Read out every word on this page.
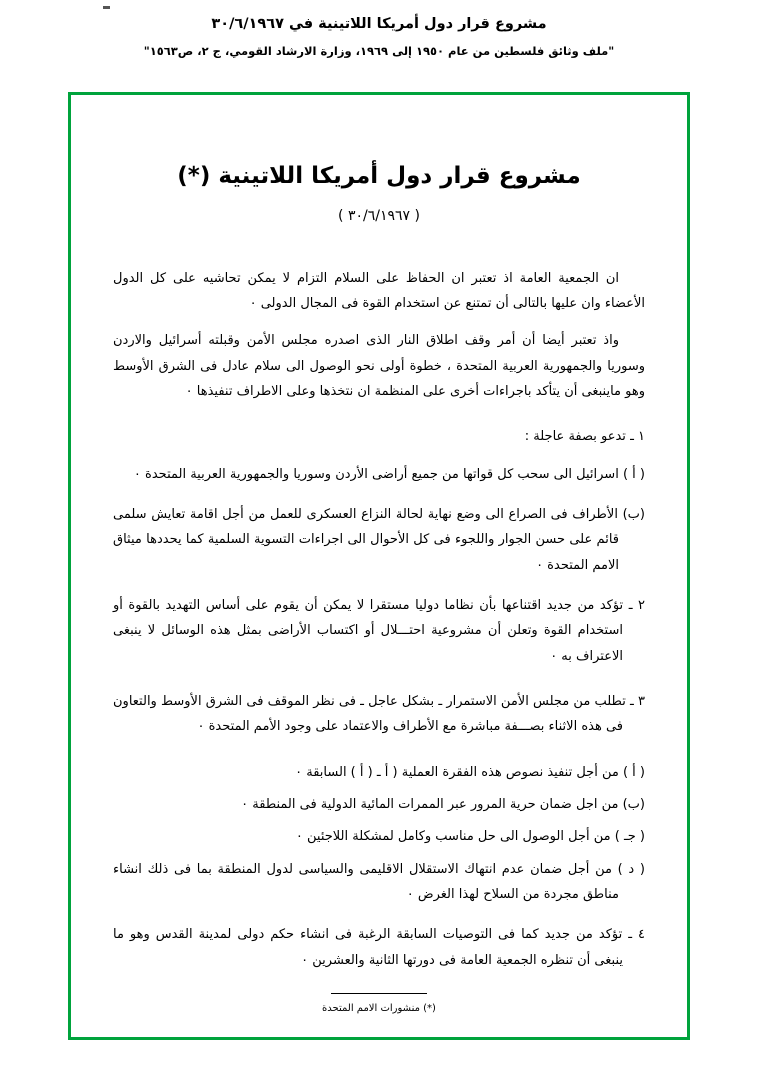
مشروع قرار دول أمريكا اللاتينية في ٣٠/٦/١٩٦٧
"ملف وثائق فلسطين من عام ١٩٥٠ إلى ١٩٦٩، وزارة الارشاد القومي، ج ٢، ص١٥٦٣"
مشروع قرار دول أمريكا اللاتينية (*)
( ٣٠/٦/١٩٦٧ )

ان الجمعية العامة اذ تعتبر ان الحفاظ على السلام التزام لا يمكن تحاشيه على كل الدول الأعضاء وان عليها بالتالى أن تمتنع عن استخدام القوة فى المجال الدولى ٠

واذ تعتبر أيضا أن أمر وقف اطلاق النار الذى اصدره مجلس الأمن وقبلته أسرائيل والاردن وسوريا والجمهورية العربية المتحدة ، خطوة أولى نحو الوصول الى سلام عادل فى الشرق الأوسط وهو ماينبغى أن يتأكد باجراءات أخرى على المنظمة ان نتخذها وعلى الاطراف تنفيذها ٠

١ ـ تدعو بصفة عاجلة :

( أ ) اسرائيل الى سحب كل قواتها من جميع أراضى الأردن وسوريا والجمهورية العربية المتحدة ٠

(ب) الأطراف فى الصراع الى وضع نهاية لحالة النزاع العسكرى للعمل من أجل اقامة تعايش سلمى قائم على حسن الجوار واللجوء فى كل الأحوال الى اجراءات التسوية السلمية كما يحددها ميثاق الامم المتحدة ٠

٢ ـ تؤكد من جديد اقتناعها بأن نظاما دوليا مستقرا لا يمكن أن يقوم على أساس التهديد بالقوة أو استخدام القوة وتعلن أن مشروعية احتـــلال أو اكتساب الأراضى بمثل هذه الوسائل لا ينبغى الاعتراف به ٠

٣ ـ تطلب من مجلس الأمن الاستمرار ـ بشكل عاجل ـ فى نظر الموقف فى الشرق الأوسط والتعاون فى هذه الاثناء بصـــفة مباشرة مع الأطراف والاعتماد على وجود الأمم المتحدة ٠

( أ ) من أجل تنفيذ نصوص هذه الفقرة العملية ( أ ـ ( أ ) السابقة ٠

(ب) من اجل ضمان حرية المرور عبر الممرات المائية الدولية فى المنطقة ٠

( جـ ) من أجل الوصول الى حل مناسب وكامل لمشكلة اللاجئين ٠

( د ) من أجل ضمان عدم انتهاك الاستقلال الاقليمى والسياسى لدول المنطقة بما فى ذلك انشاء مناطق مجردة من السلاح لهذا الغرض ٠

٤ ـ تؤكد من جديد كما فى التوصيات السابقة الرغبة فى انشاء حكم دولى لمدينة القدس وهو ما ينبغى أن تنظره الجمعية العامة فى دورتها الثانية والعشرين ٠

(*) منشورات الامم المتحدة
